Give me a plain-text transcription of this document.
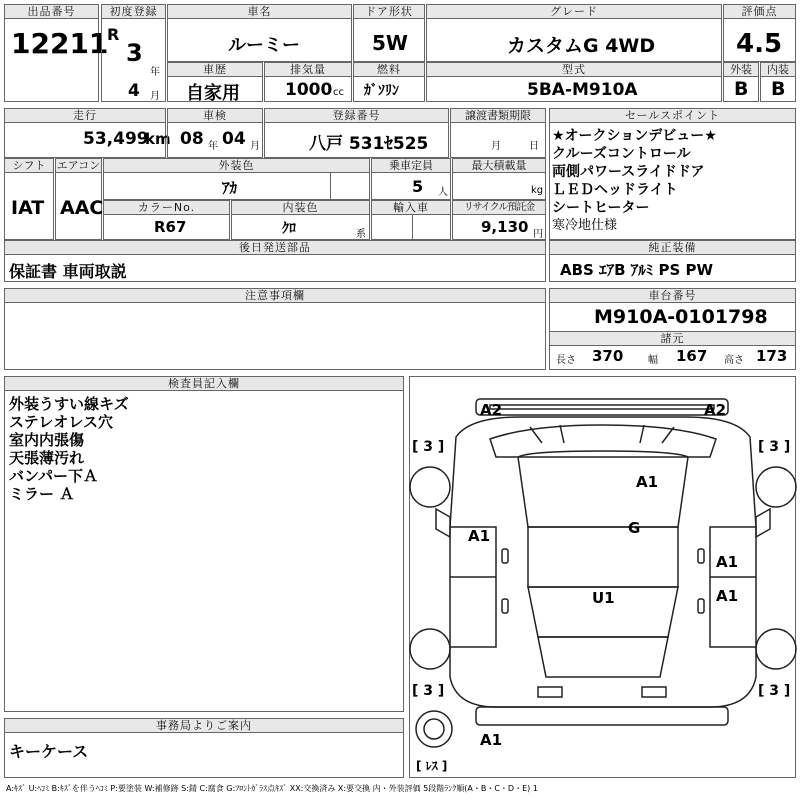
出品番号
12211
初度登録
R
3
年
4 月
車名
ルーミー
ドア形状
5W
グレード
カスタムG 4WD
評価点
4.5
車歴
自家用
排気量
1000 cc
燃料
ｶﾞｿﾘﾝ
型式
5BA-M910A
外装
B
内装
B
走行
53,499
km
車検
08 年 04 月
登録番号
八戸 531ｾ525
譲渡書類期限
月	日
セールスポイント
★オークションデビュー★
クルーズコントロール
両側パワースライドドア
ＬＥＤヘッドライト
シートヒーター
寒冷地仕様
シフト
IAT
エアコン
AAC
外装色
ｱｶ
乗車定員
5 人
最大積載量
kg
カラーNo.
R67
内装色
ｸﾛ	系
輸入車	リサイクル預託金
9,130 円
後日発送部品
保証書 車両取説
純正装備
ABS ｴｱB ｱﾙﾐ PS PW
注意事項欄	車台番号
M910A-0101798
諸元
長さ 370 幅 167 高さ 173
検査員記入欄
外装うすい線キズ
ステレオレス穴
室内内張傷
天張薄汚れ
バンパー下Ａ
ミラー Ａ
事務局よりご案内
キーケース
A2	A2
A1
G
A1
A1
A1
U1
A1
[ 3 ]	[ 3 ]
[ 3 ]	[ 3 ]
[ ﾚｽ ]
A:ｷｽﾞ U:ﾍｺﾐ B:ｷｽﾞを伴うﾍｺﾐ P:要塗装 W:補修跡 S:錆 C:腐食 G:ﾌﾛﾝﾄｶﾞﾗｽ点ｷｽﾞ XX:交換済み X:要交換 内・外装評価 5段階ﾗﾝｸ順(A・B・C・D・E) 1
